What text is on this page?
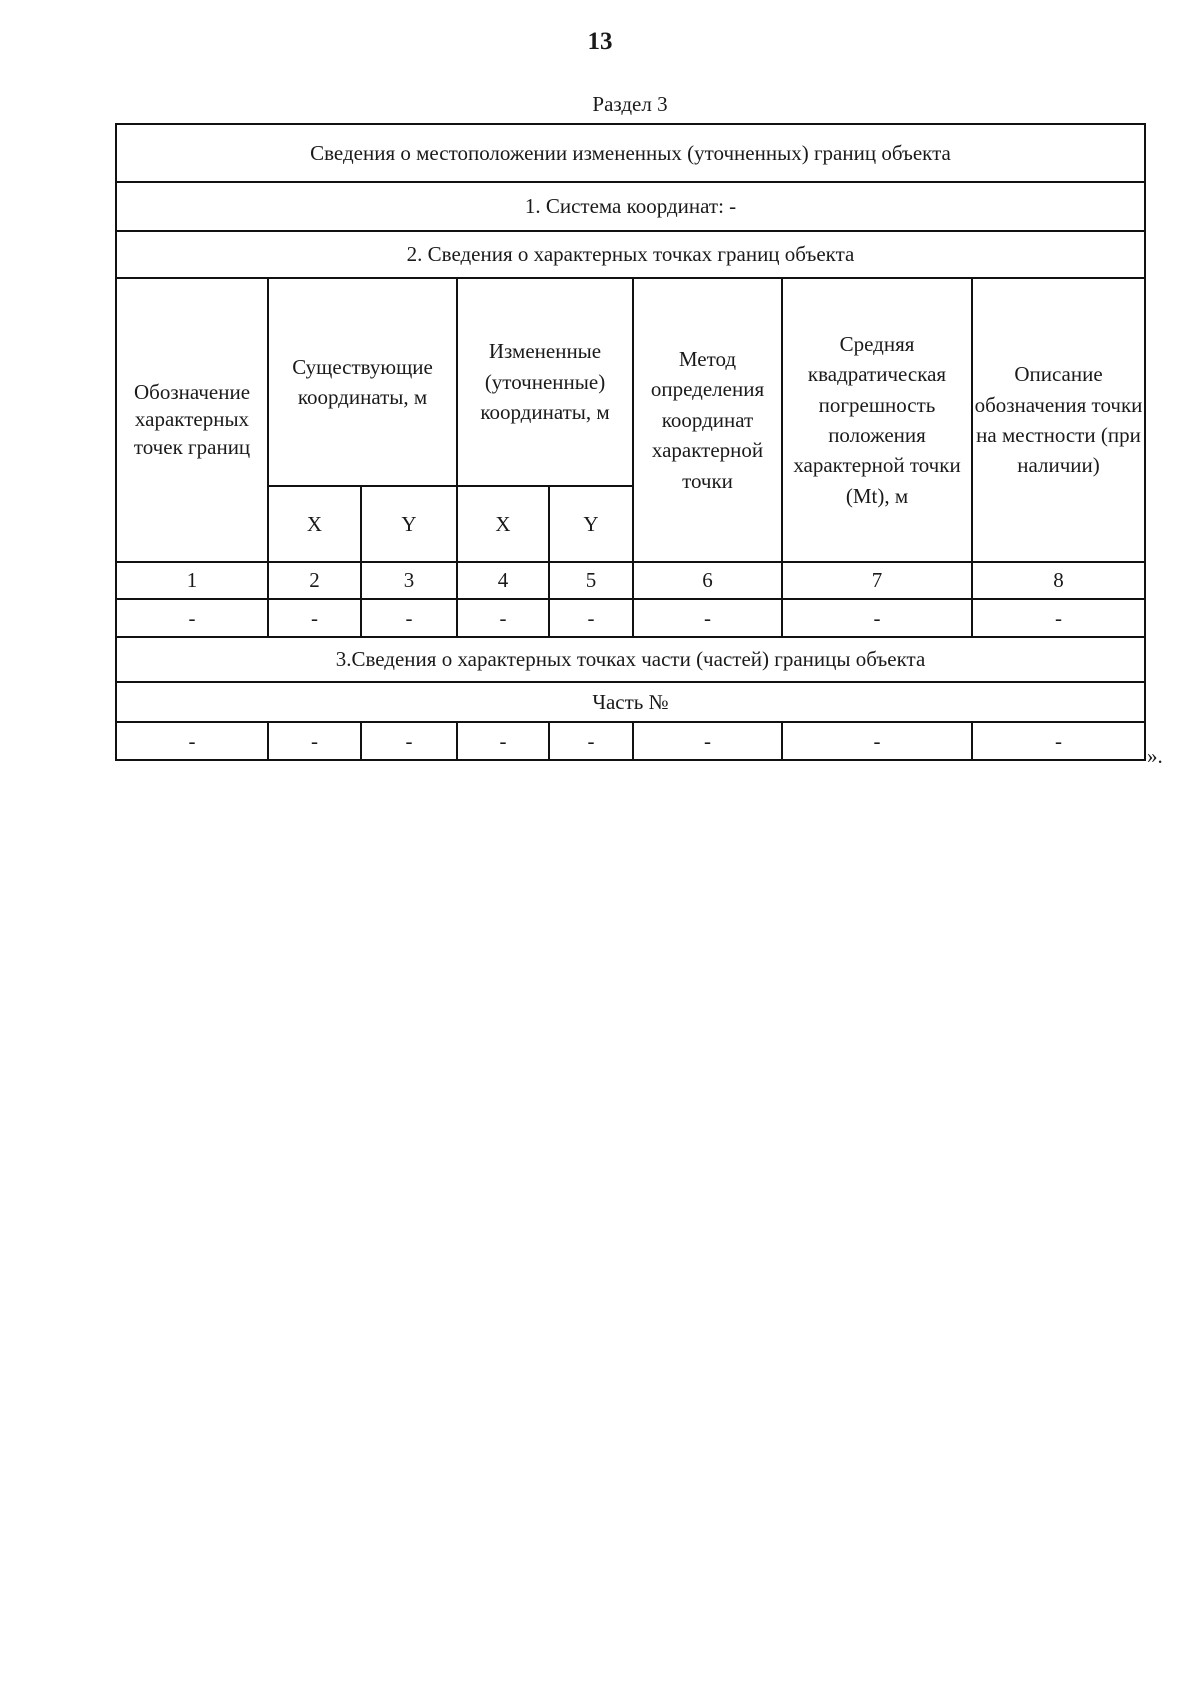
13
Раздел 3
Сведения о местоположении измененных (уточненных) границ объекта							
1. Система координат: -							
2. Сведения о характерных точках границ объекта							
Обозначение характерных точек границ	Существующие координаты, м		Измененные (уточненные) координаты, м		Метод определения координат характерной точки	Средняя квадратическая погрешность положения характерной точки (Mt), м	Описание обозначения точки на местности (при наличии)
	X	Y	X	Y			
1	2	3	4	5	6	7	8
-	-	-	-	-	-	-	-
3.Сведения о характерных точках части (частей) границы объекта							
Часть №							
-	-	-	-	-	-	-	-
».
